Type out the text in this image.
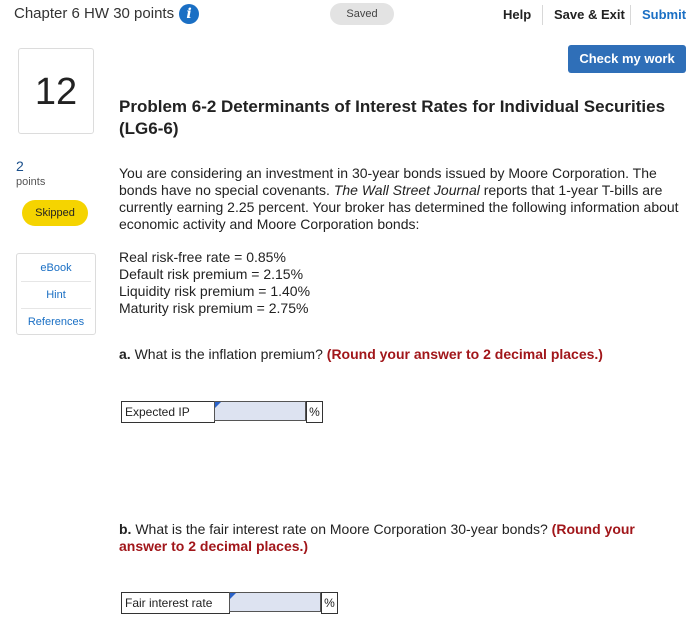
Chapter 6 HW 30 points i	Saved	Help Save & Exit Submit
Check my work
12
2
points
Skipped
eBook
Hint
References
Problem 6-2 Determinants of Interest Rates for Individual Securities (LG6-6)
You are considering an investment in 30-year bonds issued by Moore Corporation. The bonds have no special covenants. The Wall Street Journal reports that 1-year T-bills are currently earning 2.25 percent. Your broker has determined the following information about economic activity and Moore Corporation bonds:
Real risk-free rate = 0.85%
Default risk premium = 2.15%
Liquidity risk premium = 1.40%
Maturity risk premium = 2.75%
a. What is the inflation premium? (Round your answer to 2 decimal places.)
Expected IP	%
b. What is the fair interest rate on Moore Corporation 30-year bonds? (Round your answer to 2 decimal places.)
Fair interest rate	%
